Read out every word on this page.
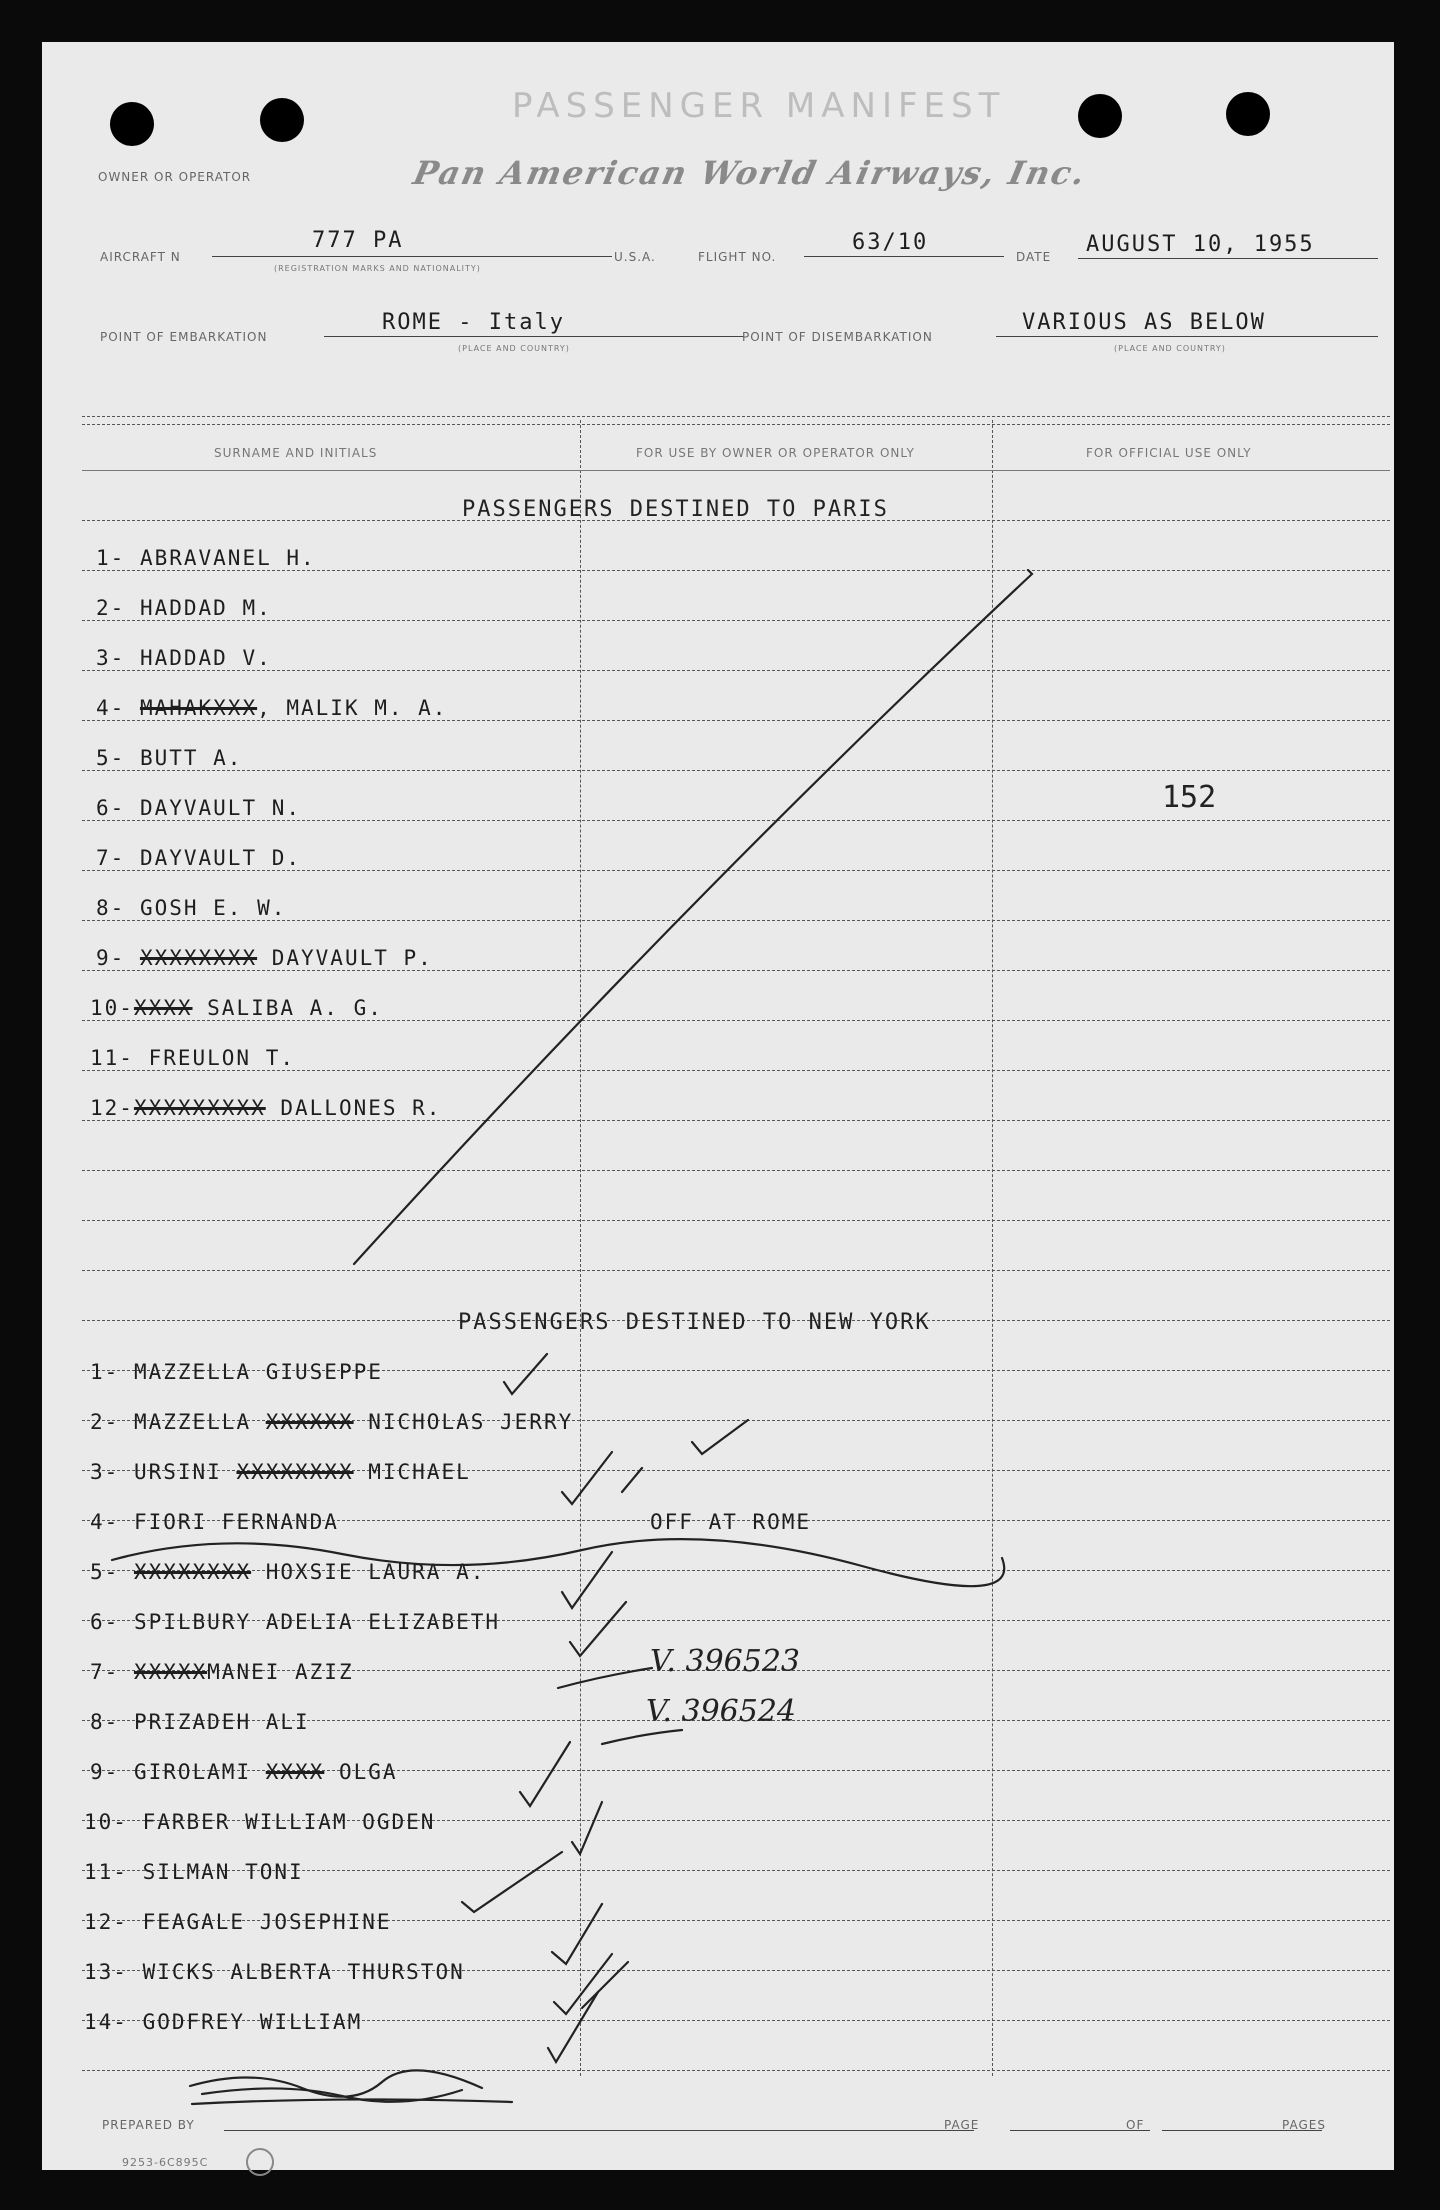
PASSENGER MANIFEST
OWNER OR OPERATOR	Pan American World Airways, Inc.
AIRCRAFT N
777 PA
(REGISTRATION MARKS AND NATIONALITY)
U.S.A.	FLIGHT NO.
63/10
DATE AUGUST 10, 1955
POINT OF EMBARKATION
ROME - Italy
(PLACE AND COUNTRY)
POINT OF DISEMBARKATION
VARIOUS AS BELOW
(PLACE AND COUNTRY)
SURNAME AND INITIALS	FOR USE BY OWNER OR OPERATOR ONLY	FOR OFFICIAL USE ONLY
PASSENGERS DESTINED TO PARIS
1- ABRAVANEL H.
2- HADDAD M.
3- HADDAD V.
4- MAHAKXXX, MALIK M. A.
5- BUTT A.
6- DAYVAULT N.
7- DAYVAULT D.
8- GOSH E. W.
9- XXXXXXXX DAYVAULT P.
10-XXXX SALIBA A. G.
11- FREULON T.
12-XXXXXXXXX DALLONES R.
152
PASSENGERS DESTINED TO NEW YORK
1- MAZZELLA GIUSEPPE
2- MAZZELLA XXXXXX NICHOLAS JERRY
3- URSINI XXXXXXXX MICHAEL
4- FIORI FERNANDA	OFF AT ROME
5- XXXXXXXX HOXSIE LAURA A.
6- SPILBURY ADELIA ELIZABETH
7- XXXXXMANEI AZIZ	V. 396523
8- PRIZADEH ALI	V. 396524
9- GIROLAMI XXXX OLGA
10- FARBER WILLIAM OGDEN
11- SILMAN TONI
12- FEAGALE JOSEPHINE
13- WICKS ALBERTA THURSTON
14- GODFREY WILLIAM
PREPARED BY	PAGE	OF	PAGES
9253-6C895C
